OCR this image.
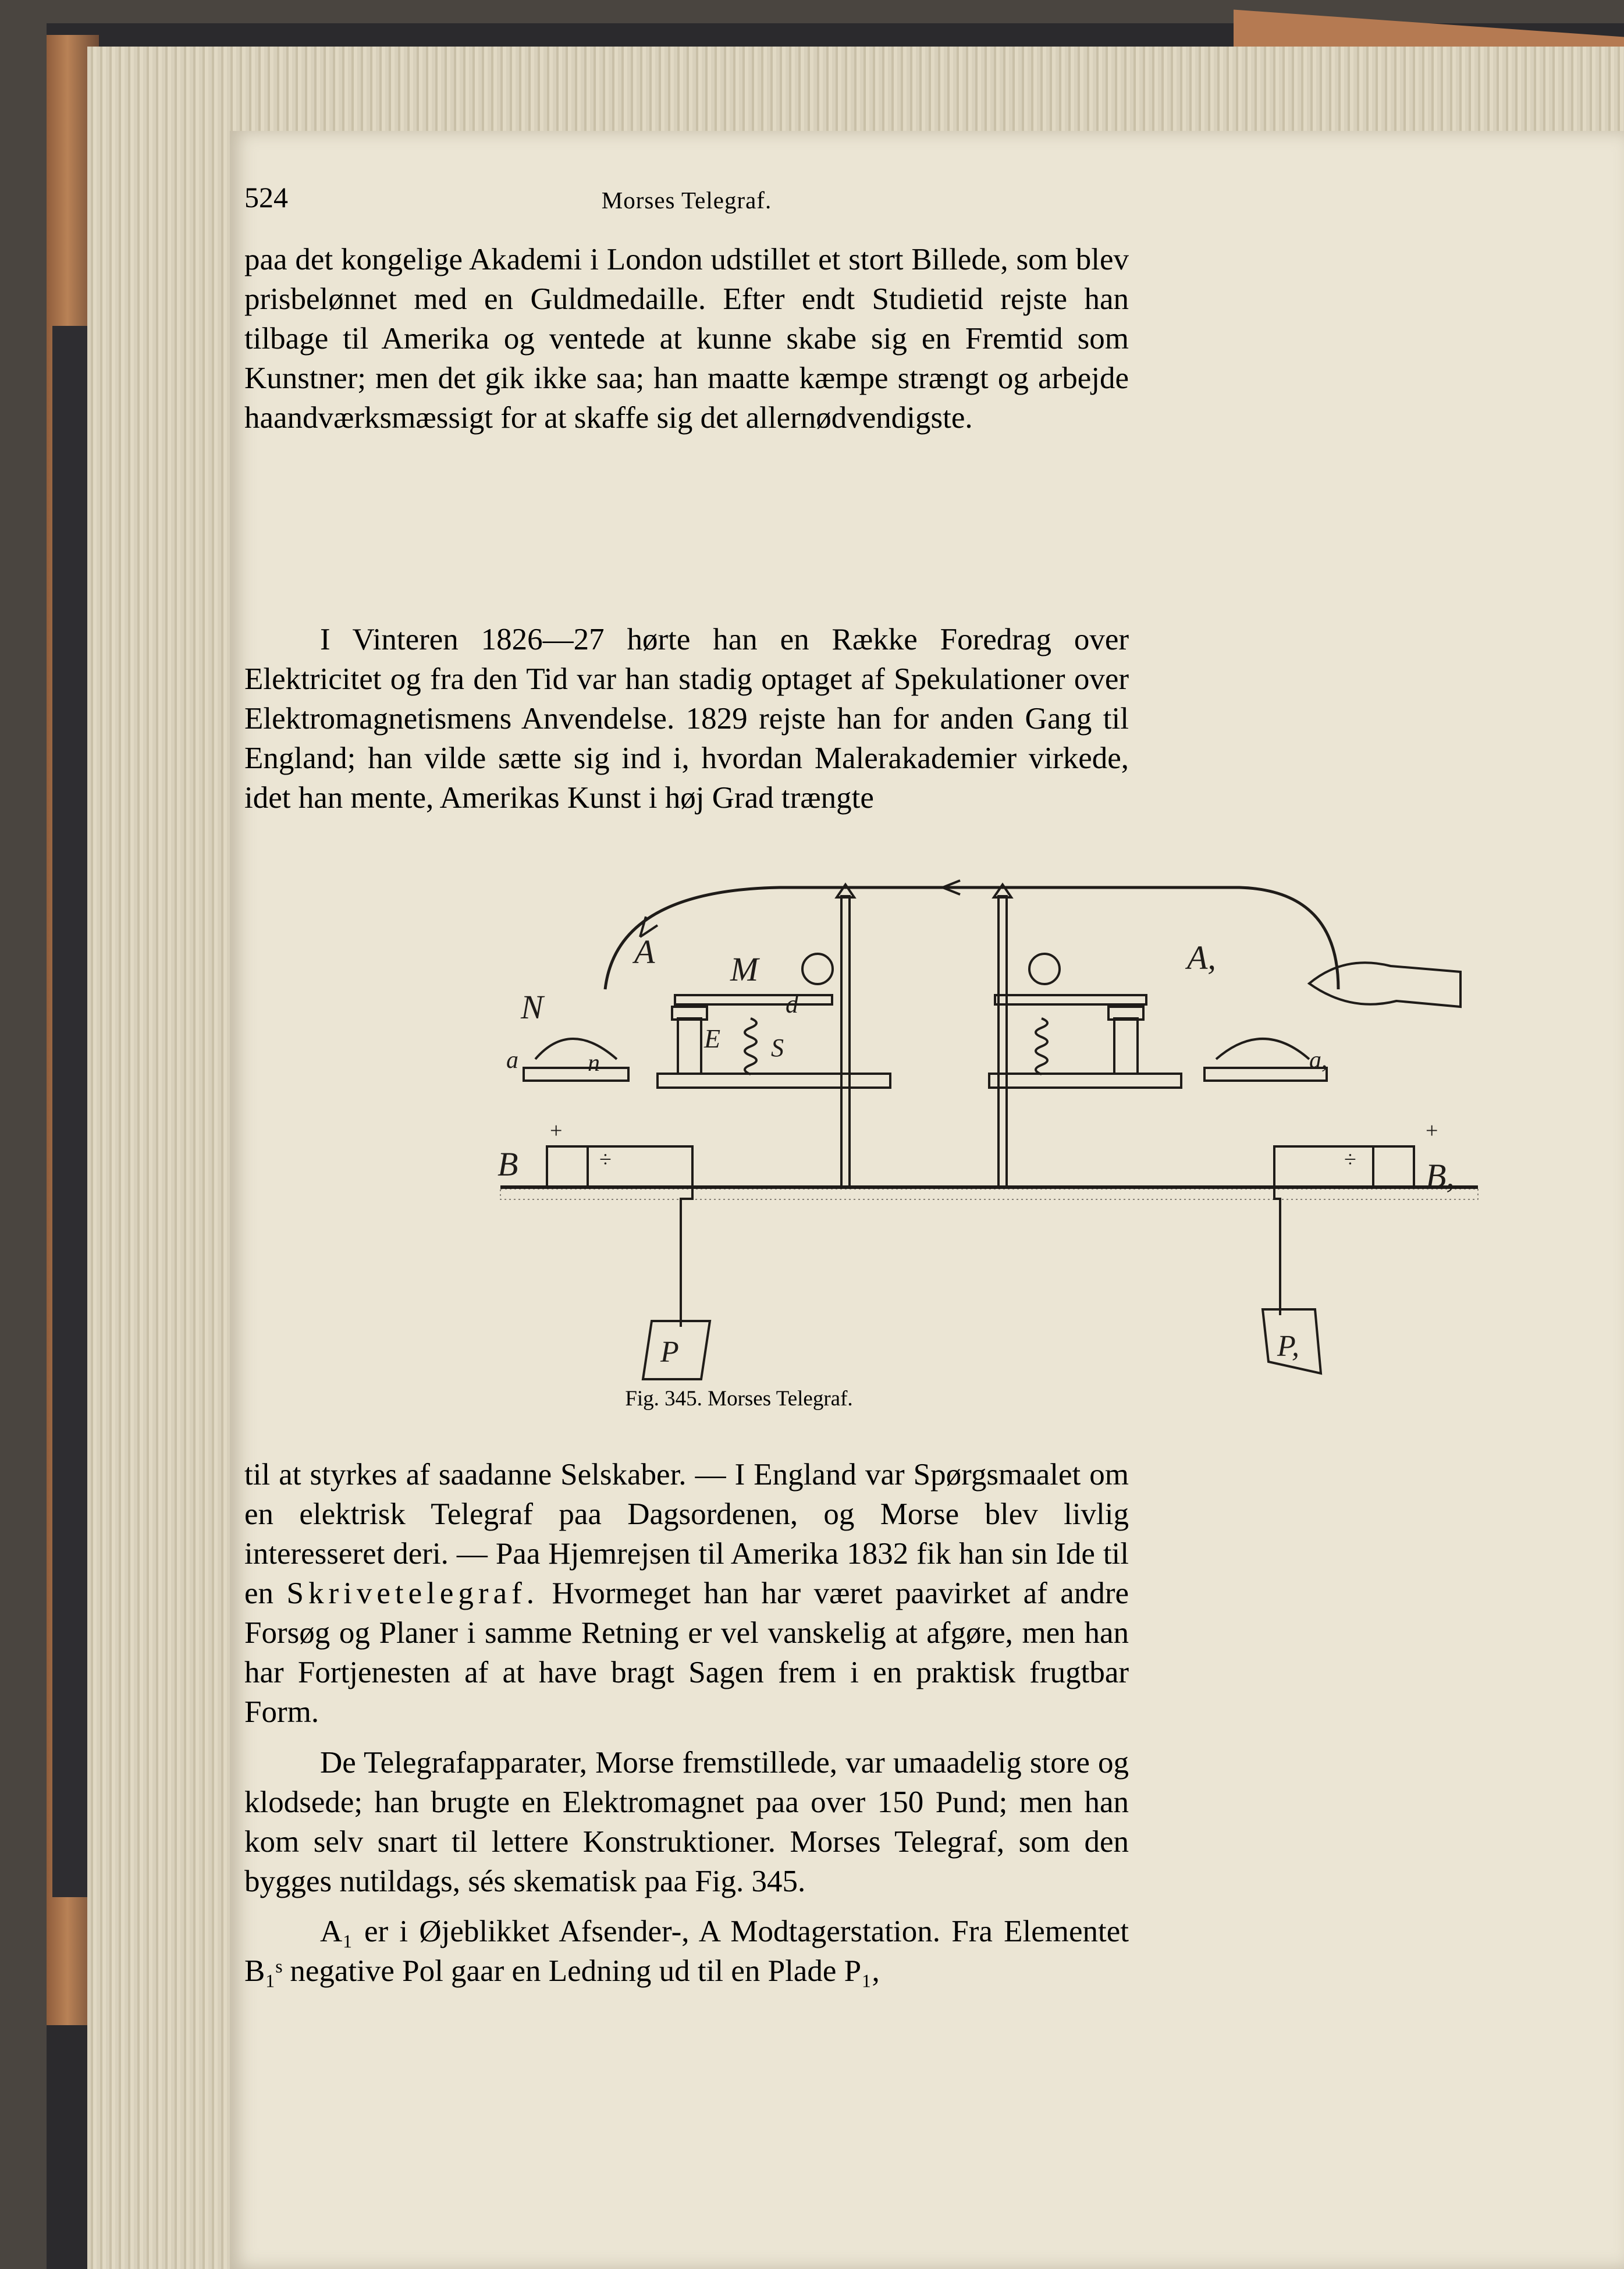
524	Morses Telegraf.
paa det kongelige Akademi i London udstillet et stort Billede, som blev prisbelønnet med en Guldmedaille. Efter endt Studietid rejste han tilbage til Amerika og ventede at kunne skabe sig en Fremtid som Kunstner; men det gik ikke saa; han maatte kæmpe strængt og arbejde haandværksmæssigt for at skaffe sig det allernødvendigste.
I Vinteren 1826—27 hørte han en Række Foredrag over Elektricitet og fra den Tid var han stadig optaget af Spekulationer over Elektromagnetismens Anvendelse. 1829 rejste han for anden Gang til England; han vilde sætte sig ind i, hvordan Malerakademier virkede, idet han mente, Amerikas Kunst i høj Grad trængte
A M
d
N
E S
n
a
A,
a,
B	B,
P	P,
+
÷
+
÷
Fig. 345. Morses Telegraf.
til at styrkes af saadanne Selskaber. — I England var Spørgsmaalet om en elektrisk Telegraf paa Dagsordenen, og Morse blev livlig interesseret deri. — Paa Hjemrejsen til Amerika 1832 fik han sin Ide til en Skrivetelegraf. Hvormeget han har været paavirket af andre Forsøg og Planer i samme Retning er vel vanskelig at afgøre, men han har Fortjenesten af at have bragt Sagen frem i en praktisk frugtbar Form.
De Telegrafapparater, Morse fremstillede, var umaadelig store og klodsede; han brugte en Elektromagnet paa over 150 Pund; men han kom selv snart til lettere Konstruktioner. Morses Telegraf, som den bygges nutildags, sés skematisk paa Fig. 345.
A₁ er i Øjeblikket Afsender-, A Modtagerstation. Fra Elementet B₁ˢ negative Pol gaar en Ledning ud til en Plade P₁,
